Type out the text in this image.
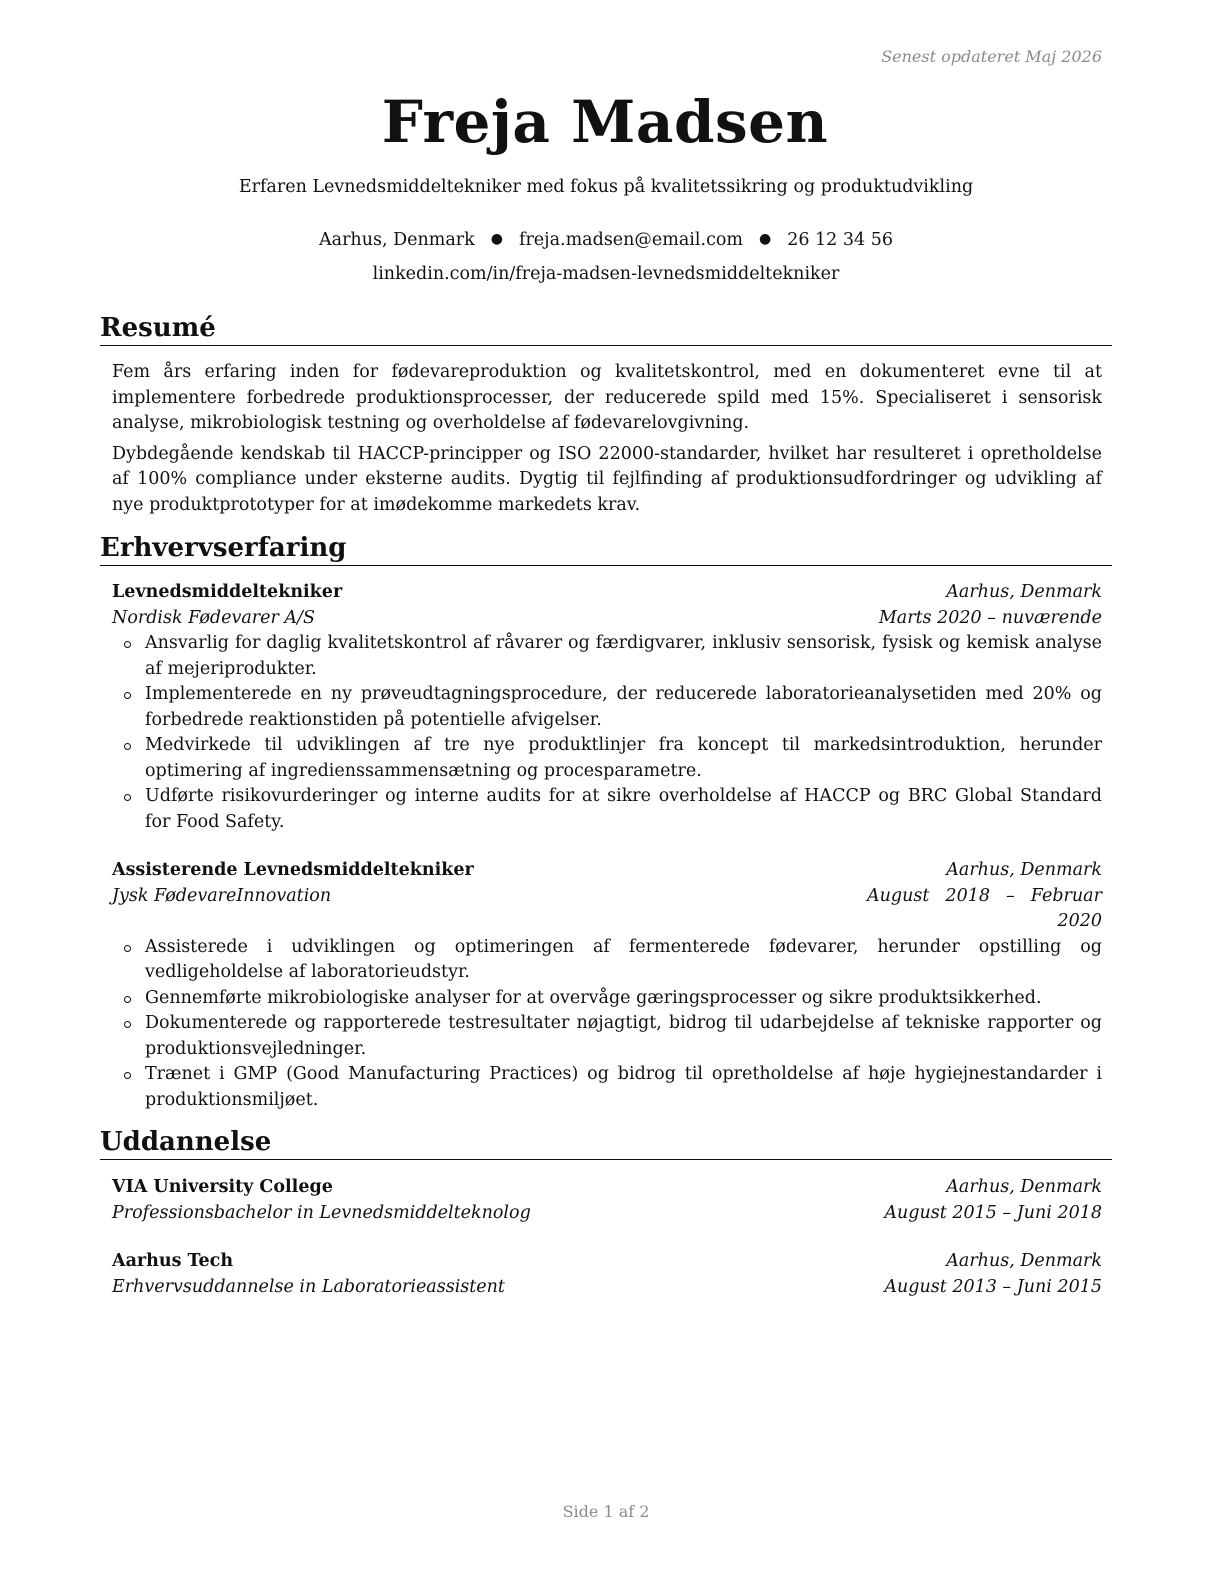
Senest opdateret Maj 2026
Freja Madsen
Erfaren Levnedsmiddeltekniker med fokus på kvalitetssikring og produktudvikling
Aarhus, Denmark ● freja.madsen@email.com ● 26 12 34 56
linkedin.com/in/freja-madsen-levnedsmiddeltekniker
Resumé

Fem års erfaring inden for fødevareproduktion og kvalitetskontrol, med en dokumenteret evne til at implementere forbedrede produktionsprocesser, der reducerede spild med 15%. Specialiseret i sensorisk analyse, mikrobiologisk testning og overholdelse af fødevarelovgivning.

Dybdegående kendskab til HACCP-principper og ISO 22000-standarder, hvilket har resulteret i opretholdelse af 100% compliance under eksterne audits. Dygtig til fejlfinding af produktionsudfordringer og udvikling af nye produktprototyper for at imødekomme markedets krav.

Erhvervserfaring
Levnedsmiddeltekniker	Aarhus, Denmark
Nordisk Fødevarer A/S	Marts 2020 – nuværende
Ansvarlig for daglig kvalitetskontrol af råvarer og færdigvarer, inklusiv sensorisk, fysisk og kemisk analyse af mejeriprodukter.
Implementerede en ny prøveudtagningsprocedure, der reducerede laboratorieanalysetiden med 20% og forbedrede reaktionstiden på potentielle afvigelser.
Medvirkede til udviklingen af tre nye produktlinjer fra koncept til markedsintroduktion, herunder optimering af ingredienssammensætning og procesparametre.
Udførte risikovurderinger og interne audits for at sikre overholdelse af HACCP og BRC Global Standard for Food Safety.
Assisterende Levnedsmiddeltekniker	Aarhus, Denmark
Jysk FødevareInnovation	August 2018 – Februar 2020
Assisterede i udviklingen og optimeringen af fermenterede fødevarer, herunder opstilling og vedligeholdelse af laboratorieudstyr.
Gennemførte mikrobiologiske analyser for at overvåge gæringsprocesser og sikre produktsikkerhed.
Dokumenterede og rapporterede testresultater nøjagtigt, bidrog til udarbejdelse af tekniske rapporter og produktionsvejledninger.
Trænet i GMP (Good Manufacturing Practices) og bidrog til opretholdelse af høje hygiejnestandarder i produktionsmiljøet.
Uddannelse
VIA University College	Aarhus, Denmark
Professionsbachelor in Levnedsmiddelteknolog	August 2015 – Juni 2018
Aarhus Tech	Aarhus, Denmark
Erhvervsuddannelse in Laboratorieassistent	August 2013 – Juni 2015
Side 1 af 2
